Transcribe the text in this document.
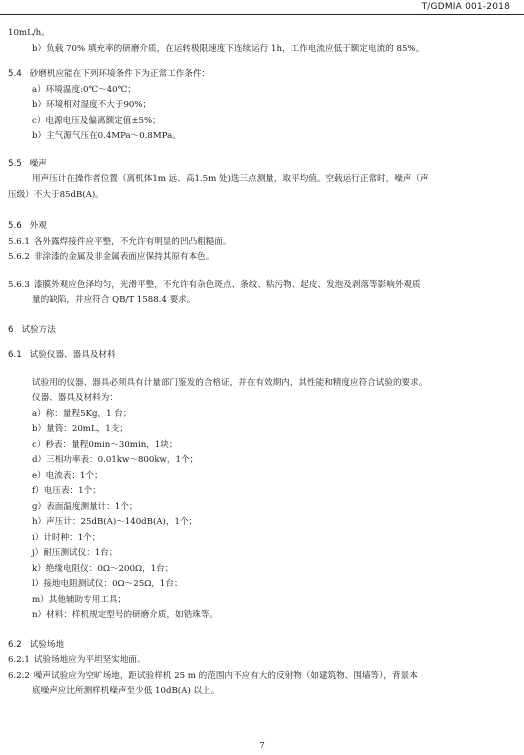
T/GDMIA 001-2018
10mL/h。
b）负载 70% 填充率的研磨介质，在运转极限速度下连续运行 1h，工作电流应低于额定电流的 85%。
5.4 砂磨机应能在下列环境条件下为正常工作条件：
a）环境温度:0℃～40℃；
b）环境相对湿度不大于90%；
c）电源电压及偏离额定值±5%；
b）主气源气压在0.4MPa～0.8MPa。
5.5 噪声
用声压计在操作者位置（离机体1m 远、高1.5m 处)选三点测量，取平均值。空载运行正常时，噪声（声
压级）不大于85dB(A)。
5.6 外观
5.6.1 各外露焊接件应平整，不允许有明显的凹凸粗糙面。
5.6.2 非涂漆的金属及非金属表面应保持其原有本色。
5.6.3 漆膜外观应色泽均匀，光滑平整，不允许有杂色斑点、条纹、粘污物、起皮、发泡及剥落等影响外观质
量的缺陷，并应符合 QB/T 1588.4 要求。
6 试验方法
6.1 试验仪器、器具及材料
试验用的仪器、器具必须具有计量部门鉴发的合格证，并在有效期内，其性能和精度应符合试验的要求。
仪器、器具及材料为：
a）称：量程5Kg，1 台；
b）量筒：20mL，1支；
c）秒表：量程0min～30min，1块；
d）三相功率表：0.01kw～800kw，1个；
e）电流表：1个；
f）电压表：1个；
g）表面温度测量计：1个；
h）声压计：25dB(A)～140dB(A)，1个；
i）计时种：1个；
j）耐压测试仪：1台；
k）绝缘电阻仪：0Ω～200Ω，1台；
l）接地电阻测试仪：0Ω～25Ω，1台；
m）其他辅助专用工具；
n）材料：样机规定型号的研磨介质，如锆珠等。
6.2 试验场地
6.2.1 试验场地应为平坦坚实地面。
6.2.2 噪声试验应为空旷场地，距试验样机 25 m 的范围内不应有大的反射物（如建筑物、围墙等），背景本
底噪声应比所测样机噪声至少低 10dB(A) 以上。
7
